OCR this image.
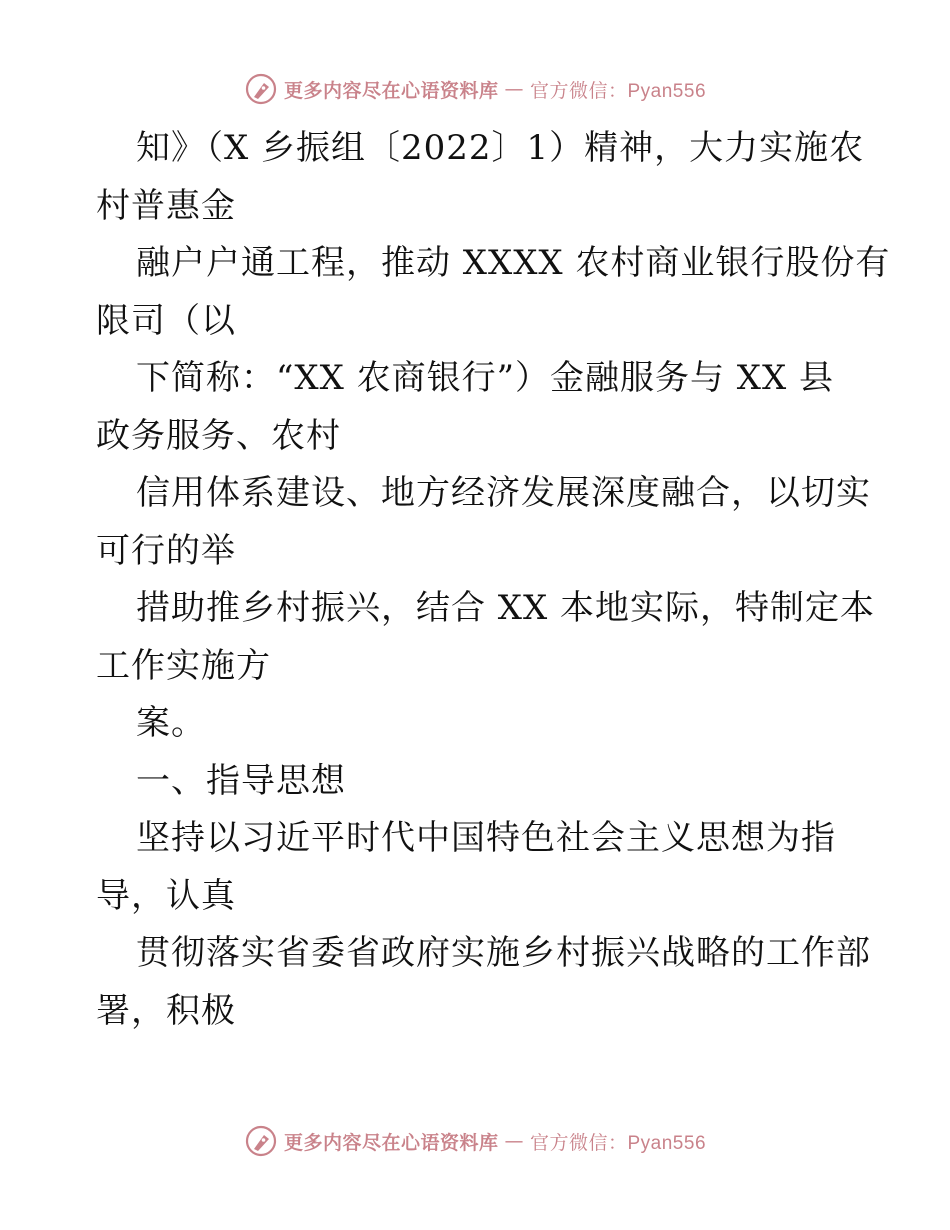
更多内容尽在心语资料库 — 官方微信：Pyan556
知》（X 乡振组〔2022〕1）精神，大力实施农
村普惠金
融户户通工程，推动 XXXX 农村商业银行股份有
限司（以
下简称：“XX 农商银行”）金融服务与 XX 县
政务服务、农村
信用体系建设、地方经济发展深度融合，以切实
可行的举
措助推乡村振兴，结合 XX 本地实际，特制定本
工作实施方
案。
一、指导思想
坚持以习近平时代中国特色社会主义思想为指
导，认真
贯彻落实省委省政府实施乡村振兴战略的工作部
署，积极
更多内容尽在心语资料库 — 官方微信：Pyan556
